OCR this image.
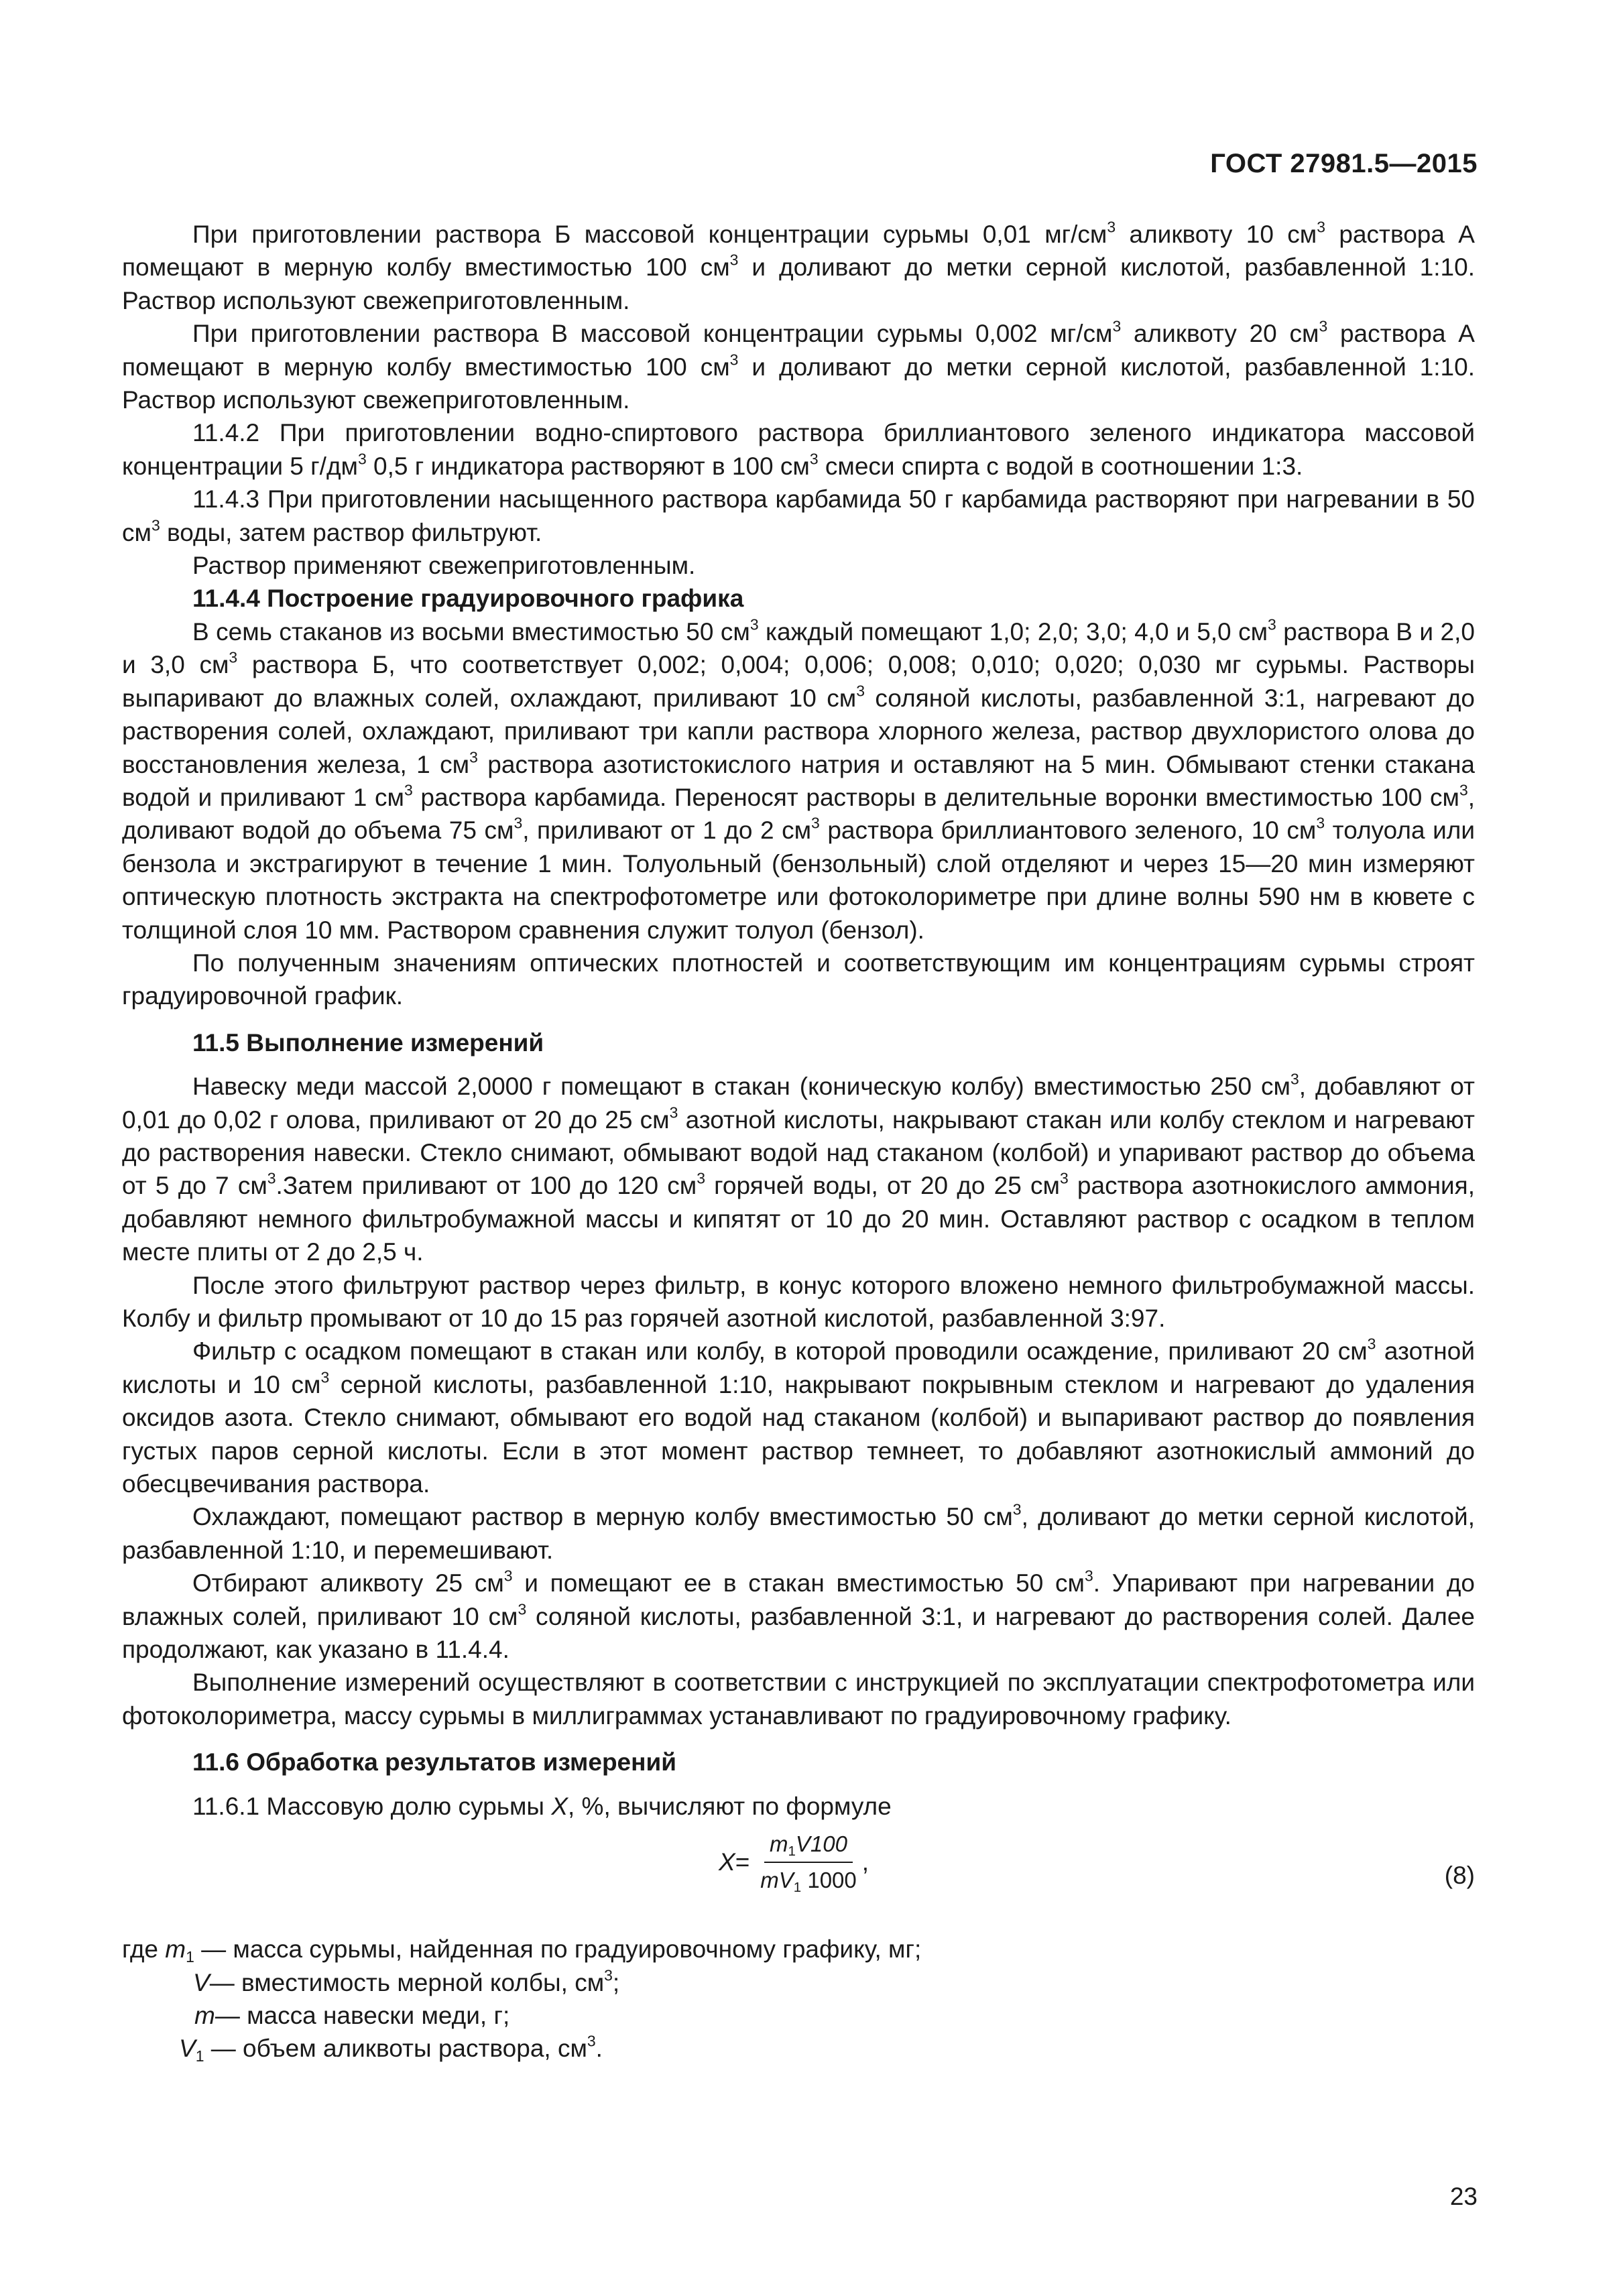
ГОСТ 27981.5—2015

При приготовлении раствора Б массовой концентрации сурьмы 0,01 $мг/см^3$ аликвоту 10 $см^3$ раствора А помещают в мерную колбу вместимостью 100 $см^3$ и доливают до метки серной кислотой, разбавленной 1:10. Раствор используют свежеприготовленным.

При приготовлении раствора В массовой концентрации сурьмы 0,002 $мг/см^3$ аликвоту 20 $см^3$ раствора А помещают в мерную колбу вместимостью 100 $см^3$ и доливают до метки серной кислотой, разбавленной 1:10. Раствор используют свежеприготовленным.

11.4.2 При приготовлении водно-спиртового раствора бриллиантового зеленого индикатора массовой концентрации 5 $г/дм^3$ 0,5 г индикатора растворяют в 100 $см^3$ смеси спирта с водой в соотношении 1:3.

11.4.3 При приготовлении насыщенного раствора карбамида 50 г карбамида растворяют при нагревании в 50 $см^3$ воды, затем раствор фильтруют.

Раствор применяют свежеприготовленным.

11.4.4 Построение градуировочного графика

В семь стаканов из восьми вместимостью 50 $см^3$ каждый помещают 1,0; 2,0; 3,0; 4,0 и 5,0 $см^3$ раствора В и 2,0 и 3,0 $см^3$ раствора Б, что соответствует 0,002; 0,004; 0,006; 0,008; 0,010; 0,020; 0,030 мг сурьмы. Растворы выпаривают до влажных солей, охлаждают, приливают 10 $см^3$ соляной кислоты, разбавленной 3:1, нагревают до растворения солей, охлаждают, приливают три капли раствора хлорного железа, раствор двухлористого олова до восстановления железа, 1 $см^3$ раствора азотистокислого натрия и оставляют на 5 мин. Обмывают стенки стакана водой и приливают 1 $см^3$ раствора карбамида. Переносят растворы в делительные воронки вместимостью 100 $см^3$, доливают водой до объема 75 $см^3$, приливают от 1 до 2 $см^3$ раствора бриллиантового зеленого, 10 $см^3$ толуола или бензола и экстрагируют в течение 1 мин. Толуольный (бензольный) слой отделяют и через 15—20 мин измеряют оптическую плотность экстракта на спектрофотометре или фотоколориметре при длине волны 590 нм в кювете с толщиной слоя 10 мм. Раствором сравнения служит толуол (бензол).

По полученным значениям оптических плотностей и соответствующим им концентрациям сурьмы строят градуировочной график.

11.5 Выполнение измерений

Навеску меди массой 2,0000 г помещают в стакан (коническую колбу) вместимостью 250 $см^3$, добавляют от 0,01 до 0,02 г олова, приливают от 20 до 25 $см^3$ азотной кислоты, накрывают стакан или колбу стеклом и нагревают до растворения навески. Стекло снимают, обмывают водой над стаканом (колбой) и упаривают раствор до объема от 5 до 7 $см^3.Затем$ приливают от 100 до 120 $см^3$ горячей воды, от 20 до 25 $см^3$ раствора азотнокислого аммония, добавляют немного фильтробумажной массы и кипятят от 10 до 20 мин. Оставляют раствор с осадком в теплом месте плиты от 2 до 2,5 ч.

После этого фильтруют раствор через фильтр, в конус которого вложено немного фильтробумажной массы. Колбу и фильтр промывают от 10 до 15 раз горячей азотной кислотой, разбавленной 3:97.

Фильтр с осадком помещают в стакан или колбу, в которой проводили осаждение, приливают 20 $см^3$ азотной кислоты и 10 $см^3$ серной кислоты, разбавленной 1:10, накрывают покрывным стеклом и нагревают до удаления оксидов азота. Стекло снимают, обмывают его водой над стаканом (колбой) и выпаривают раствор до появления густых паров серной кислоты. Если в этот момент раствор темнеет, то добавляют азотнокислый аммоний до обесцвечивания раствора.

Охлаждают, помещают раствор в мерную колбу вместимостью 50 $см^3$, доливают до метки серной кислотой, разбавленной 1:10, и перемешивают.

Отбирают аликвоту 25 $см^3$ и помещают ее в стакан вместимостью 50 $см^3$. Упаривают при нагревании до влажных солей, приливают 10 $см^3$ соляной кислоты, разбавленной 3:1, и нагревают до растворения солей. Далее продолжают, как указано в 11.4.4.

Выполнение измерений осуществляют в соответствии с инструкцией по эксплуатации спектрофотометра или фотоколориметра, массу сурьмы в миллиграммах устанавливают по градуировочному графику.

11.6 Обработка результатов измерений

11.6.1 Массовую долю сурьмы X, %, вычисляют по формуле

$X = \frac{m_1V100}{mV_1 1000}$ ,	(8)

где $m_1$ — масса сурьмы, найденная по градуировочному графику, мг;

V— вместимость мерной колбы, $см^3$;

m— масса навески меди, г;

$V_1$ — объем аликвоты раствора, $см^3$.

23
